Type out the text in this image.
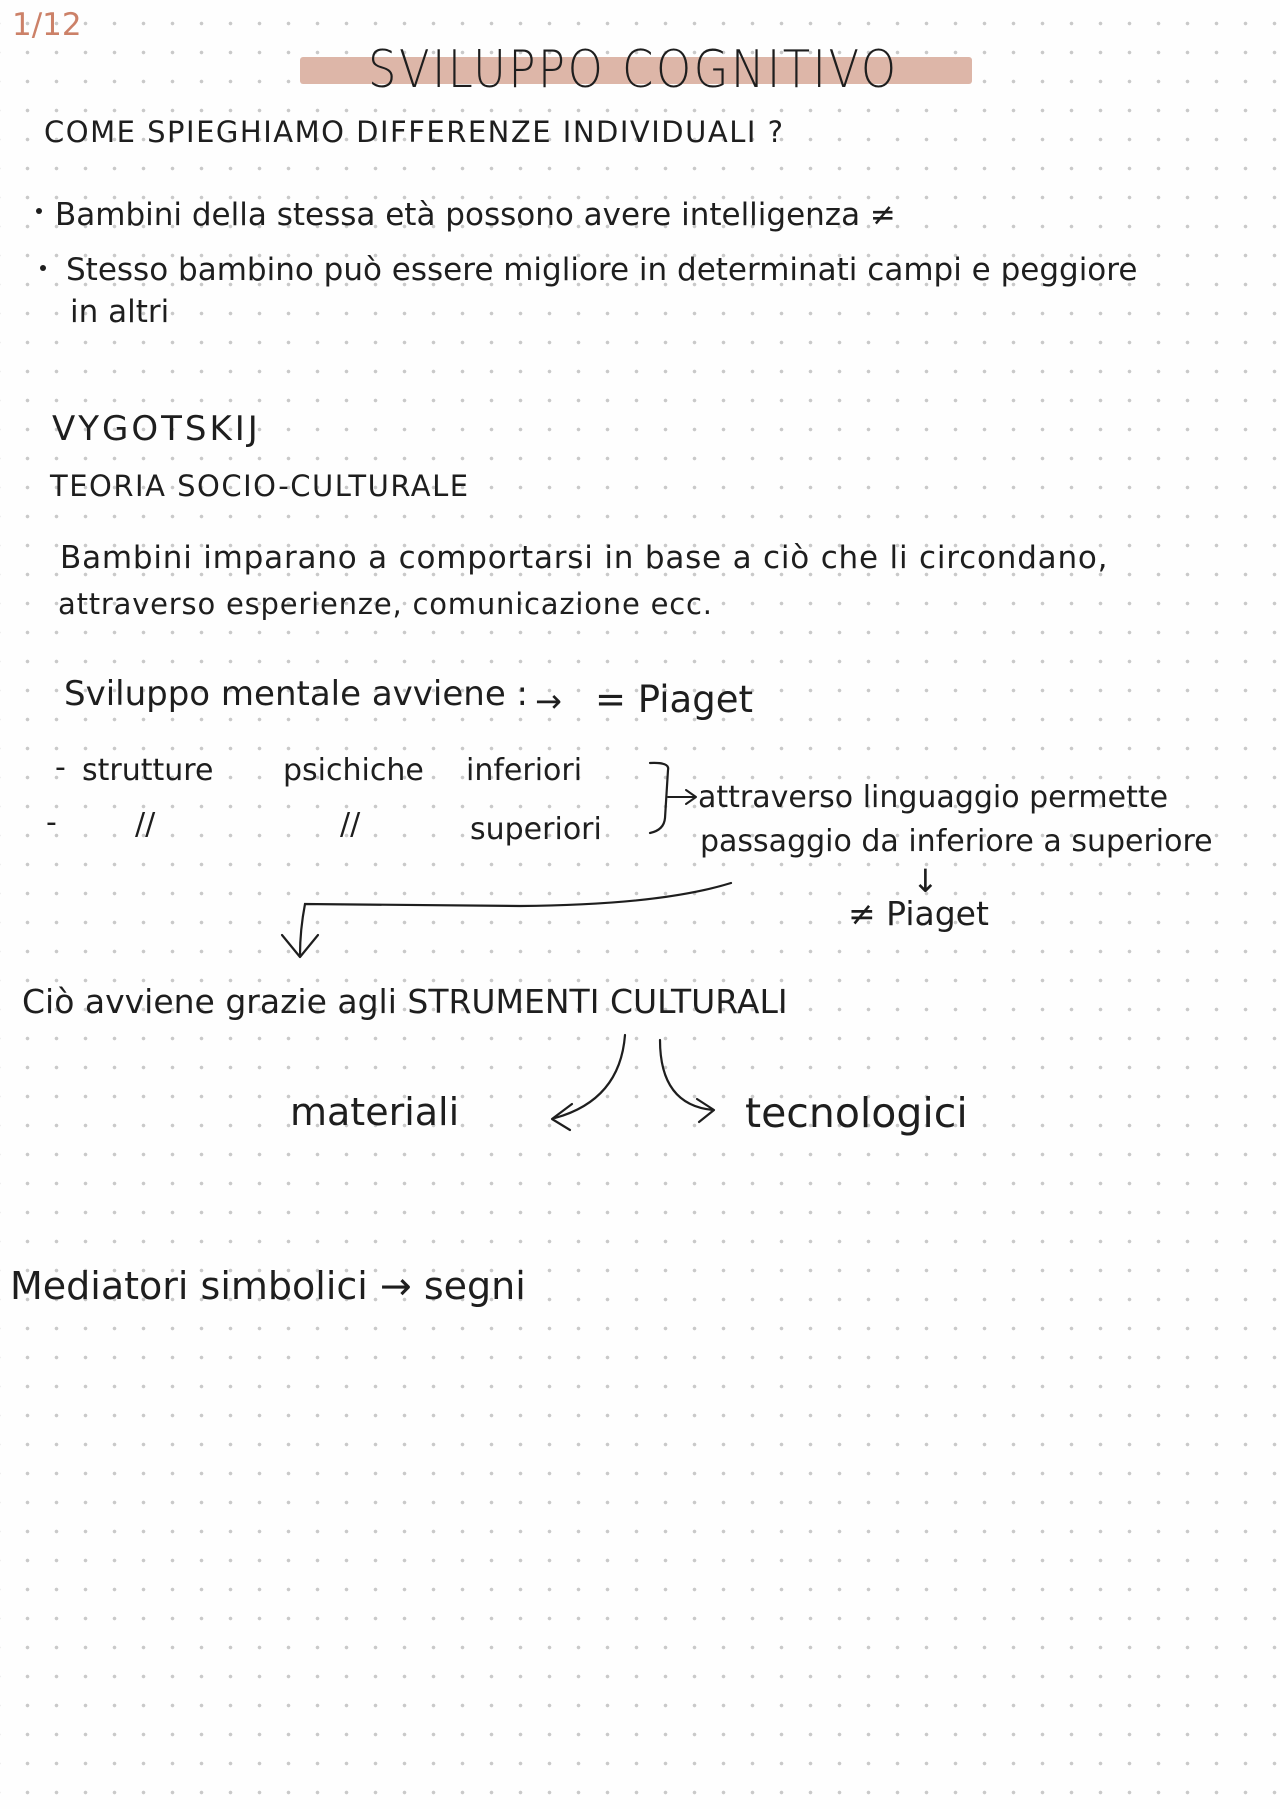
1/12
SVILUPPO COGNITIVO
COME SPIEGHIAMO DIFFERENZE INDIVIDUALI ?
Bambini della stessa età possono avere intelligenza ≠
Stesso bambino può essere migliore in determinati campi e peggiore
in altri
VYGOTSKIJ
TEORIA SOCIO-CULTURALE
Bambini imparano a comportarsi in base a ciò che li circondano,
attraverso esperienze, comunicazione ecc.
Sviluppo mentale avviene : → = Piaget
- strutture psichiche inferiori
-	//	//	superiori
attraverso linguaggio permette
passaggio da inferiore a superiore
↓
≠ Piaget
Ciò avviene grazie agli STRUMENTI CULTURALI
materiali	tecnologici
Mediatori simbolici → segni
